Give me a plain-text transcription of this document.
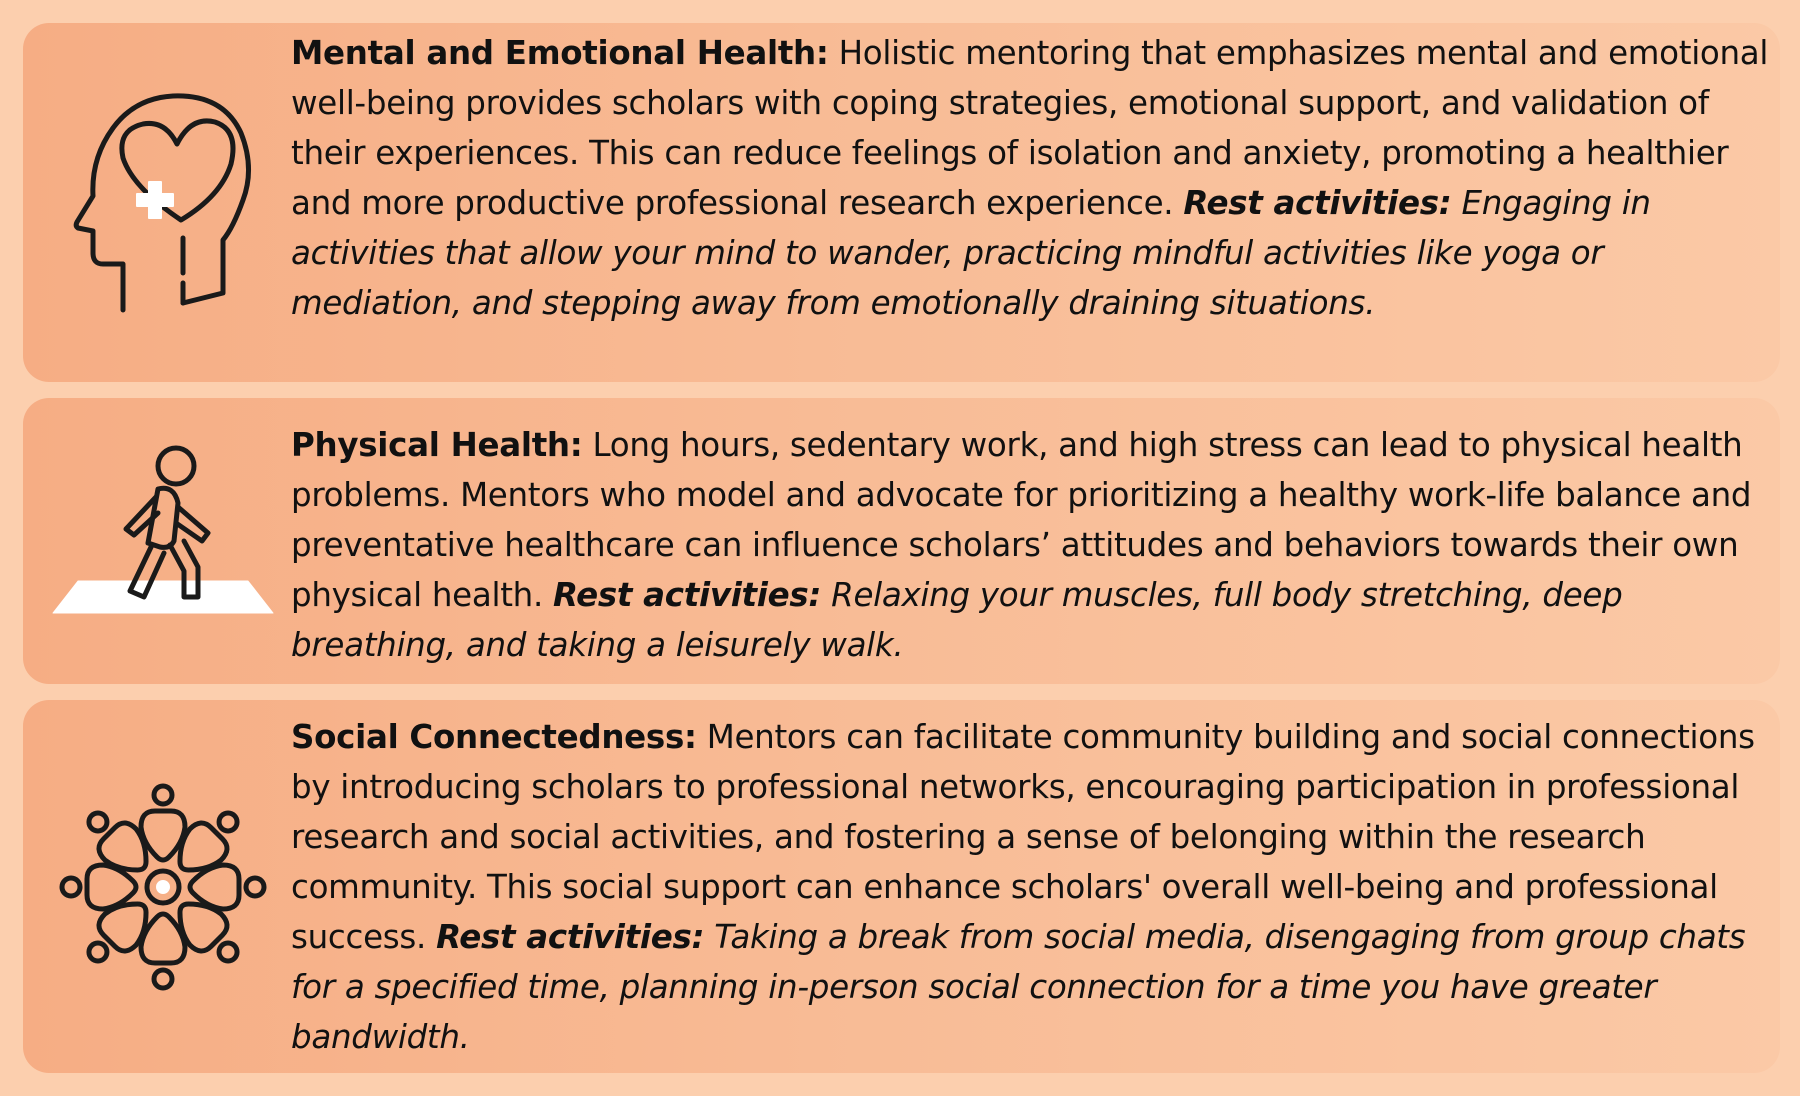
Mental and Emotional Health: Holistic mentoring that emphasizes mental and emotional well-being provides scholars with coping strategies, emotional support, and validation of their experiences. This can reduce feelings of isolation and anxiety, promoting a healthier and more productive professional research experience. Rest activities: Engaging in activities that allow your mind to wander, practicing mindful activities like yoga or mediation, and stepping away from emotionally draining situations.
Physical Health: Long hours, sedentary work, and high stress can lead to physical health problems. Mentors who model and advocate for prioritizing a healthy work-life balance and preventative healthcare can influence scholars’ attitudes and behaviors towards their own physical health. Rest activities: Relaxing your muscles, full body stretching, deep breathing, and taking a leisurely walk.
Social Connectedness: Mentors can facilitate community building and social connections by introducing scholars to professional networks, encouraging participation in professional research and social activities, and fostering a sense of belonging within the research community. This social support can enhance scholars' overall well-being and professional success. Rest activities: Taking a break from social media, disengaging from group chats for a specified time, planning in-person social connection for a time you have greater bandwidth.
